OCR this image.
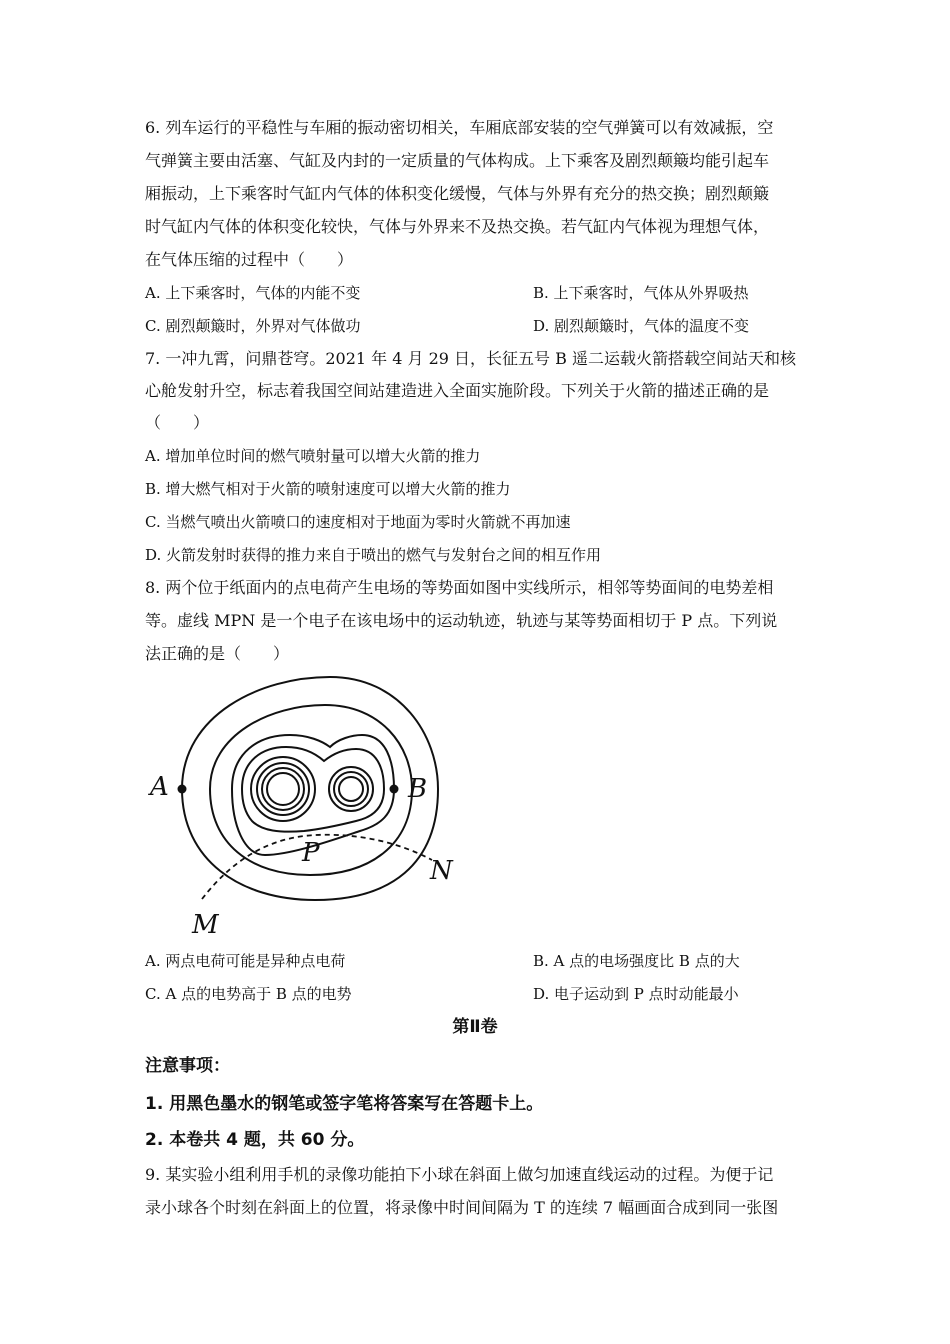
6. 列车运行的平稳性与车厢的振动密切相关，车厢底部安装的空气弹簧可以有效减振，空
气弹簧主要由活塞、气缸及内封的一定质量的气体构成。上下乘客及剧烈颠簸均能引起车
厢振动，上下乘客时气缸内气体的体积变化缓慢，气体与外界有充分的热交换；剧烈颠簸
时气缸内气体的体积变化较快，气体与外界来不及热交换。若气缸内气体视为理想气体，
在气体压缩的过程中（　　）
A. 上下乘客时，气体的内能不变	B. 上下乘客时，气体从外界吸热
C. 剧烈颠簸时，外界对气体做功	D. 剧烈颠簸时，气体的温度不变
7. 一冲九霄，问鼎苍穹。2021 年 4 月 29 日，长征五号 B 遥二运载火箭搭载空间站天和核
心舱发射升空，标志着我国空间站建造进入全面实施阶段。下列关于火箭的描述正确的是
（　　）
A. 增加单位时间的燃气喷射量可以增大火箭的推力
B. 增大燃气相对于火箭的喷射速度可以增大火箭的推力
C. 当燃气喷出火箭喷口的速度相对于地面为零时火箭就不再加速
D. 火箭发射时获得的推力来自于喷出的燃气与发射台之间的相互作用
8. 两个位于纸面内的点电荷产生电场的等势面如图中实线所示，相邻等势面间的电势差相
等。虚线 MPN 是一个电子在该电场中的运动轨迹，轨迹与某等势面相切于 P 点。下列说
法正确的是（　　）
A	B
P
N
M
A. 两点电荷可能是异种点电荷	B. A 点的电场强度比 B 点的大
C. A 点的电势高于 B 点的电势	D. 电子运动到 P 点时动能最小
第Ⅱ卷
注意事项：
1. 用黑色墨水的钢笔或签字笔将答案写在答题卡上。
2. 本卷共 4 题，共 60 分。
9. 某实验小组利用手机的录像功能拍下小球在斜面上做匀加速直线运动的过程。为便于记
录小球各个时刻在斜面上的位置，将录像中时间间隔为 T 的连续 7 幅画面合成到同一张图
